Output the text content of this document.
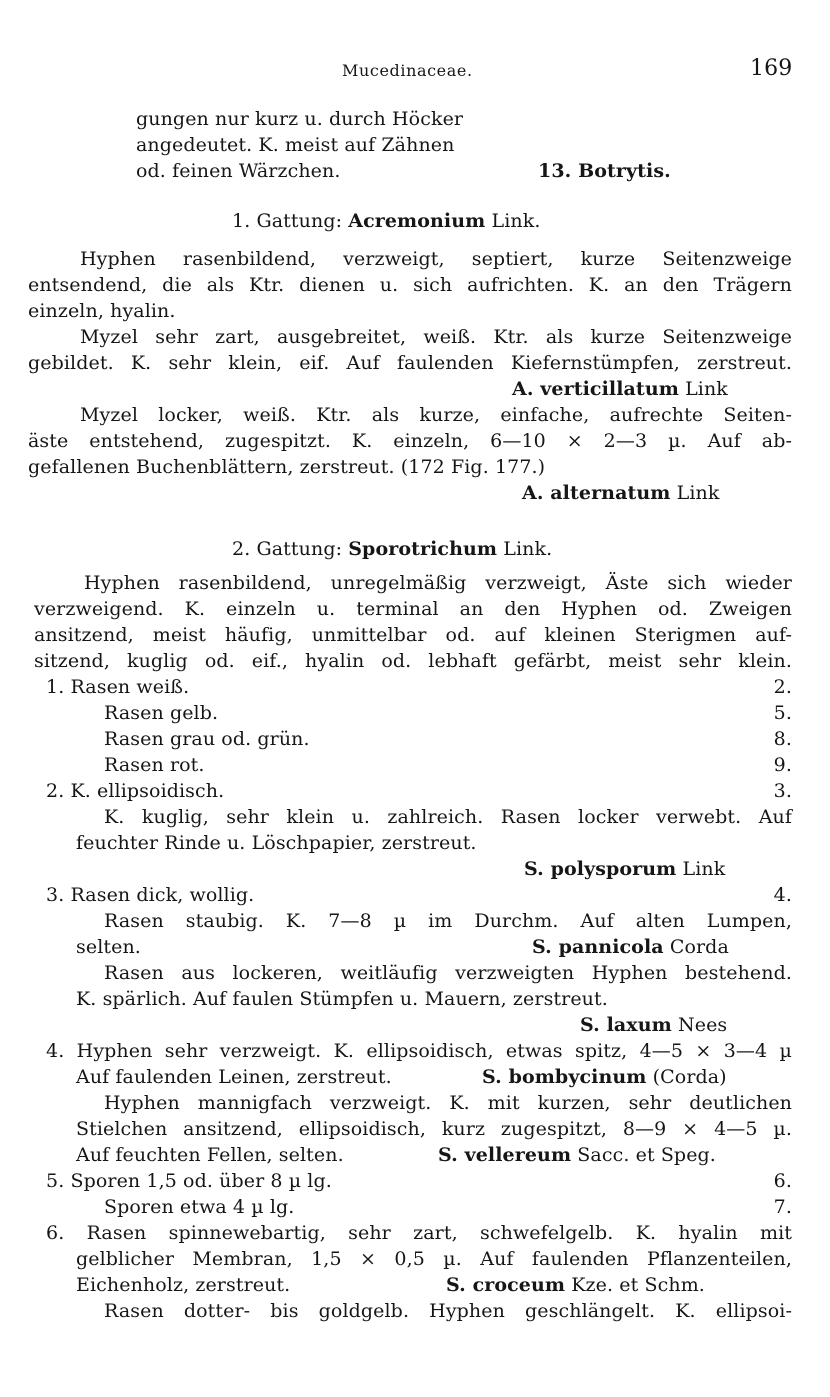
Mucedinaceae.	169
gungen nur kurz u. durch Höcker
angedeutet. K. meist auf Zähnen
od. feinen Wärzchen.	13. Botrytis.
1. Gattung: Acremonium Link.
Hyphen rasenbildend, verzweigt, septiert, kurze Seitenzweige
entsendend, die als Ktr. dienen u. sich aufrichten. K. an den Trägern
einzeln, hyalin.
Myzel sehr zart, ausgebreitet, weiß. Ktr. als kurze Seitenzweige
gebildet. K. sehr klein, eif. Auf faulenden Kiefernstümpfen, zerstreut.
A. verticillatum Link
Myzel locker, weiß. Ktr. als kurze, einfache, aufrechte Seiten-
äste entstehend, zugespitzt. K. einzeln, 6—10 × 2—3 µ. Auf ab-
gefallenen Buchenblättern, zerstreut. (172 Fig. 177.)
A. alternatum Link
2. Gattung: Sporotrichum Link.
Hyphen rasenbildend, unregelmäßig verzweigt, Äste sich wieder
verzweigend. K. einzeln u. terminal an den Hyphen od. Zweigen
ansitzend, meist häufig, unmittelbar od. auf kleinen Sterigmen auf-
sitzend, kuglig od. eif., hyalin od. lebhaft gefärbt, meist sehr klein.
1. Rasen weiß.	2.
Rasen gelb.	5.
Rasen grau od. grün.	8.
Rasen rot.	9.
2. K. ellipsoidisch.	3.
K. kuglig, sehr klein u. zahlreich. Rasen locker verwebt. Auf
feuchter Rinde u. Löschpapier, zerstreut.
S. polysporum Link
3. Rasen dick, wollig.	4.
Rasen staubig. K. 7—8 µ im Durchm. Auf alten Lumpen,
selten.	S. pannicola Corda
Rasen aus lockeren, weitläufig verzweigten Hyphen bestehend.
K. spärlich. Auf faulen Stümpfen u. Mauern, zerstreut.
S. laxum Nees
4. Hyphen sehr verzweigt. K. ellipsoidisch, etwas spitz, 4—5 × 3—4 µ
Auf faulenden Leinen, zerstreut.	S. bombycinum (Corda)
Hyphen mannigfach verzweigt. K. mit kurzen, sehr deutlichen
Stielchen ansitzend, ellipsoidisch, kurz zugespitzt, 8—9 × 4—5 µ.
Auf feuchten Fellen, selten.	S. vellereum Sacc. et Speg.
5. Sporen 1,5 od. über 8 µ lg.	6.
Sporen etwa 4 µ lg.	7.
6. Rasen spinnewebartig, sehr zart, schwefelgelb. K. hyalin mit
gelblicher Membran, 1,5 × 0,5 µ. Auf faulenden Pflanzenteilen,
Eichenholz, zerstreut.	S. croceum Kze. et Schm.
Rasen dotter- bis goldgelb. Hyphen geschlängelt. K. ellipsoi-
